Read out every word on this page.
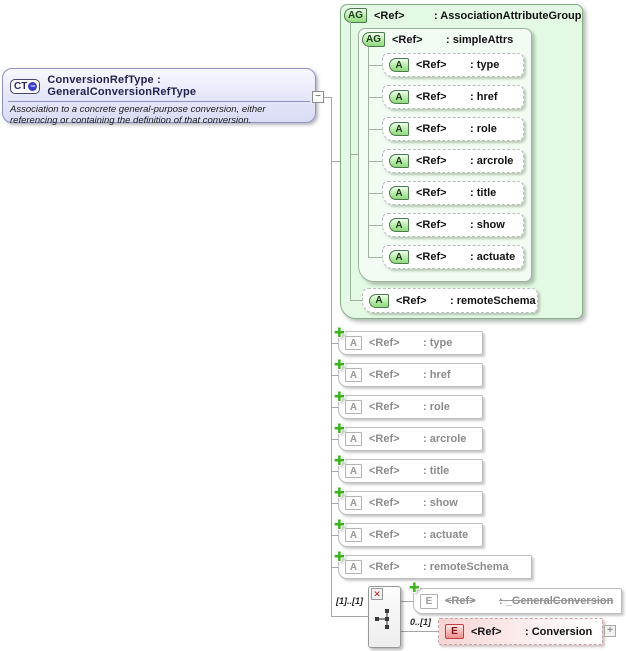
AG	<Ref>	: AssociationAttributeGroup
AG	<Ref>	: simpleAttrs
CT − ConversionRefType : GeneralConversionRefType
Association to a concrete general-purpose conversion, either referencing or containing the definition of that conversion.
−
A	<Ref>	: type
A	<Ref>	: href
A	<Ref>	: role
A	<Ref>	: arcrole
A	<Ref>	: title
A	<Ref>	: show
A	<Ref>	: actuate
A	<Ref>	: remoteSchema
A	<Ref>	: type
A	<Ref>	: href
A	<Ref>	: role
A	<Ref>	: arcrole
A	<Ref>	: title
A	<Ref>	: show
A	<Ref>	: actuate
A	<Ref>	: remoteSchema
✚
✚
✚
✚
✚
✚
✚
✚
[1]..[1]
✕
E	<Ref>	: _GeneralConversion
✚
0..[1]
E	<Ref>	: Conversion +
